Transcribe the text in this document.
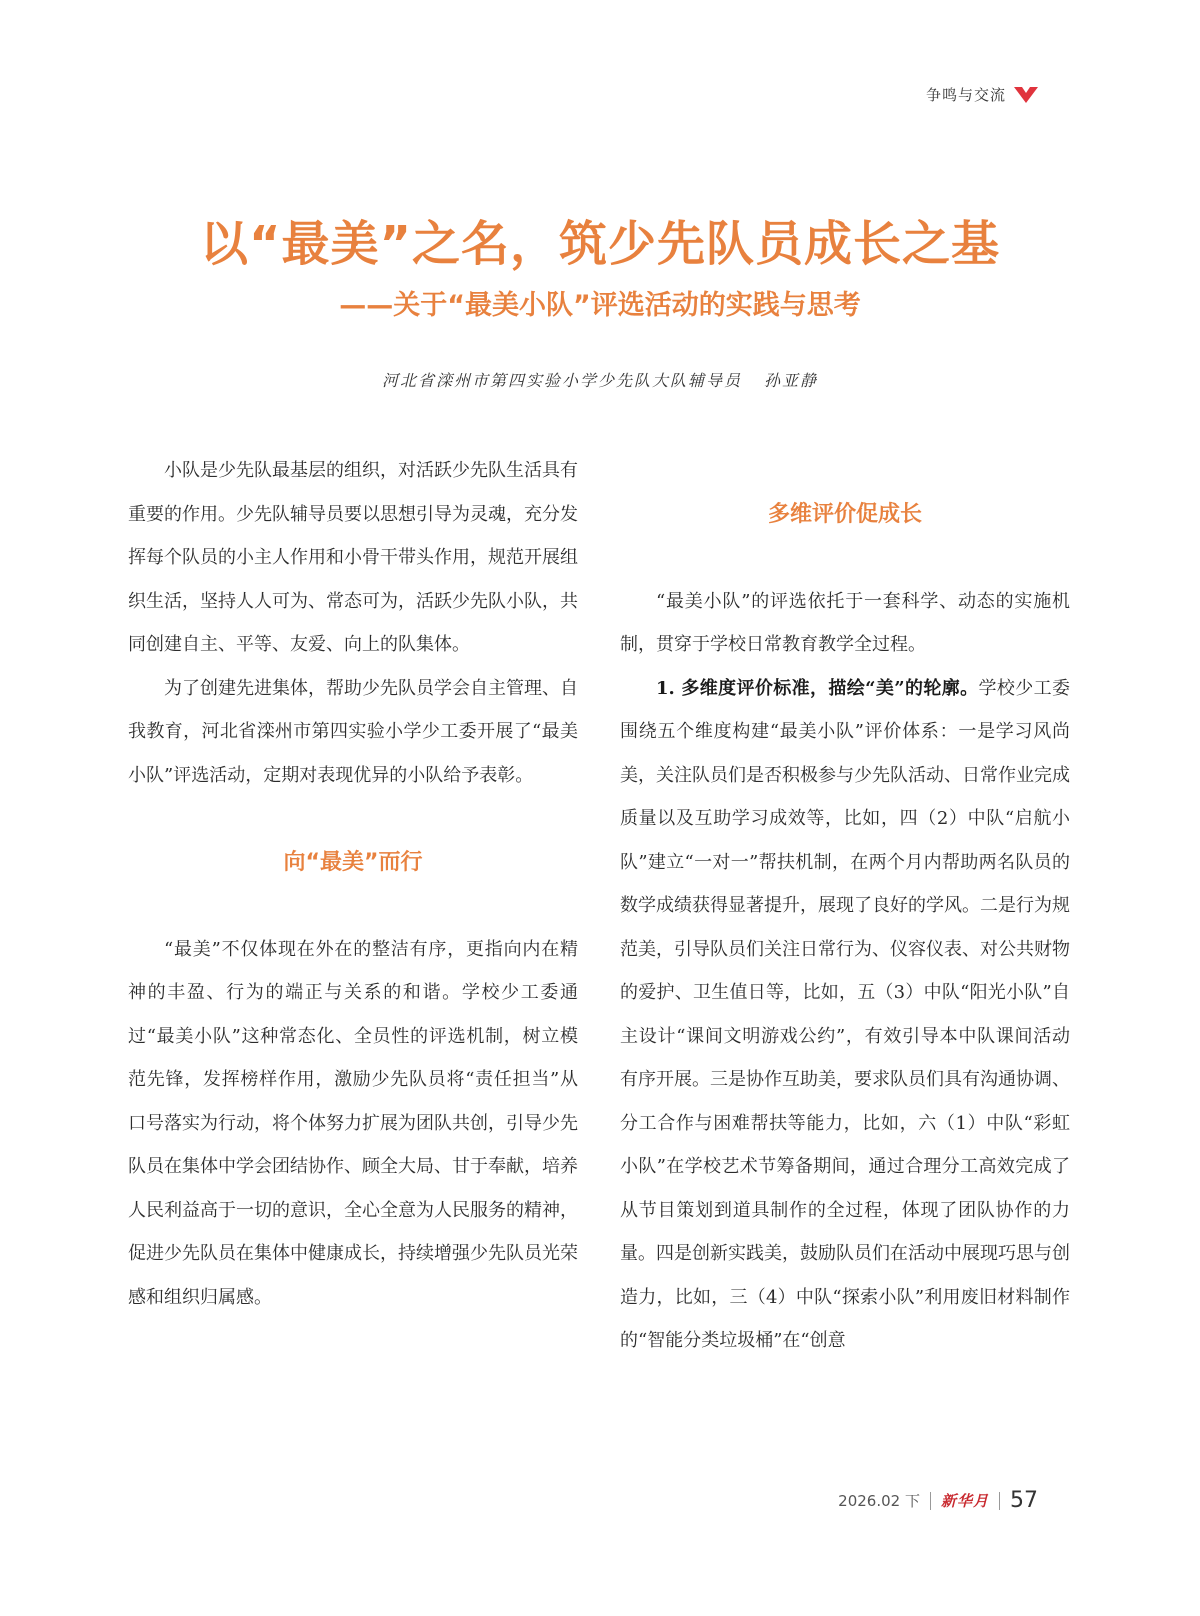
争鸣与交流
以“最美”之名，筑少先队员成长之基
——关于“最美小队”评选活动的实践与思考
河北省滦州市第四实验小学少先队大队辅导员 孙亚静

小队是少先队最基层的组织，对活跃少先队生活具有重要的作用。少先队辅导员要以思想引导为灵魂，充分发挥每个队员的小主人作用和小骨干带头作用，规范开展组织生活，坚持人人可为、常态可为，活跃少先队小队，共同创建自主、平等、友爱、向上的队集体。

为了创建先进集体，帮助少先队员学会自主管理、自我教育，河北省滦州市第四实验小学少工委开展了“最美小队”评选活动，定期对表现优异的小队给予表彰。

向“最美”而行

“最美”不仅体现在外在的整洁有序，更指向内在精神的丰盈、行为的端正与关系的和谐。学校少工委通过“最美小队”这种常态化、全员性的评选机制，树立模范先锋，发挥榜样作用，激励少先队员将“责任担当”从口号落实为行动，将个体努力扩展为团队共创，引导少先队员在集体中学会团结协作、顾全大局、甘于奉献，培养人民利益高于一切的意识，全心全意为人民服务的精神，促进少先队员在集体中健康成长，持续增强少先队员光荣感和组织归属感。

多维评价促成长

“最美小队”的评选依托于一套科学、动态的实施机制，贯穿于学校日常教育教学全过程。

1. 多维度评价标准，描绘“美”的轮廓。学校少工委围绕五个维度构建“最美小队”评价体系：一是学习风尚美，关注队员们是否积极参与少先队活动、日常作业完成质量以及互助学习成效等，比如，四（2）中队“启航小队”建立“一对一”帮扶机制，在两个月内帮助两名队员的数学成绩获得显著提升，展现了良好的学风。二是行为规范美，引导队员们关注日常行为、仪容仪表、对公共财物的爱护、卫生值日等，比如，五（3）中队“阳光小队”自主设计“课间文明游戏公约”，有效引导本中队课间活动有序开展。三是协作互助美，要求队员们具有沟通协调、分工合作与困难帮扶等能力，比如，六（1）中队“彩虹小队”在学校艺术节筹备期间，通过合理分工高效完成了从节目策划到道具制作的全过程，体现了团队协作的力量。四是创新实践美，鼓励队员们在活动中展现巧思与创造力，比如，三（4）中队“探索小队”利用废旧材料制作的“智能分类垃圾桶”在“创意

2026.02 下 新华月 57
